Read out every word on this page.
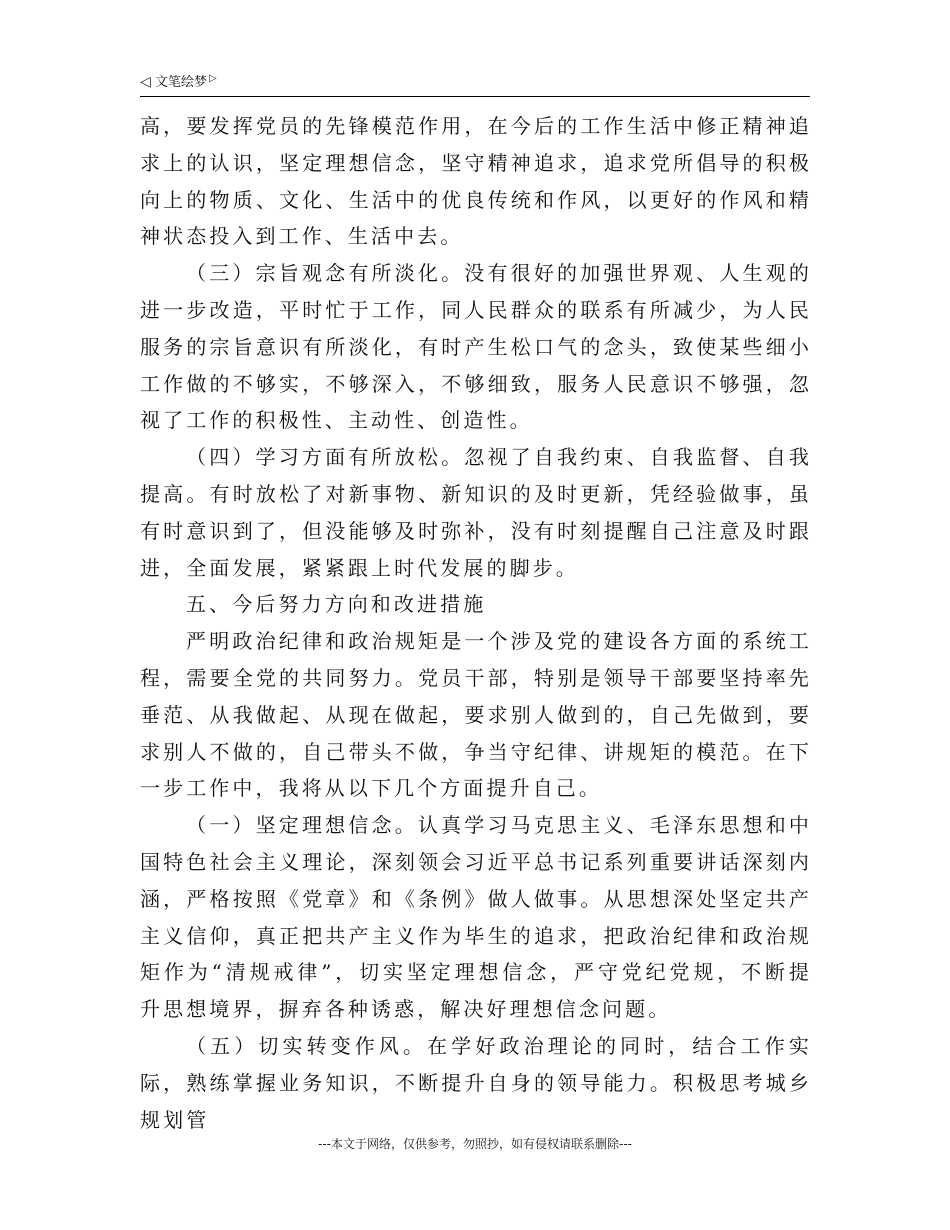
◁ 文笔绘梦 ▷

高，要发挥党员的先锋模范作用，在今后的工作生活中修正精神追求上的认识，坚定理想信念，坚守精神追求，追求党所倡导的积极向上的物质、文化、生活中的优良传统和作风，以更好的作风和精神状态投入到工作、生活中去。

（三）宗旨观念有所淡化。没有很好的加强世界观、人生观的进一步改造，平时忙于工作，同人民群众的联系有所减少，为人民服务的宗旨意识有所淡化，有时产生松口气的念头，致使某些细小工作做的不够实，不够深入，不够细致，服务人民意识不够强，忽视了工作的积极性、主动性、创造性。

（四）学习方面有所放松。忽视了自我约束、自我监督、自我提高。有时放松了对新事物、新知识的及时更新，凭经验做事，虽有时意识到了，但没能够及时弥补，没有时刻提醒自己注意及时跟进，全面发展，紧紧跟上时代发展的脚步。

五、今后努力方向和改进措施

严明政治纪律和政治规矩是一个涉及党的建设各方面的系统工程，需要全党的共同努力。党员干部，特别是领导干部要坚持率先垂范、从我做起、从现在做起，要求别人做到的，自己先做到，要求别人不做的，自己带头不做，争当守纪律、讲规矩的模范。在下一步工作中，我将从以下几个方面提升自己。

（一）坚定理想信念。认真学习马克思主义、毛泽东思想和中国特色社会主义理论，深刻领会习近平总书记系列重要讲话深刻内涵，严格按照《党章》和《条例》做人做事。从思想深处坚定共产主义信仰，真正把共产主义作为毕生的追求，把政治纪律和政治规矩作为“清规戒律”，切实坚定理想信念，严守党纪党规，不断提升思想境界，摒弃各种诱惑，解决好理想信念问题。

（五）切实转变作风。在学好政治理论的同时，结合工作实际，熟练掌握业务知识，不断提升自身的领导能力。积极思考城乡规划管

---本文于网络，仅供参考，勿照抄，如有侵权请联系删除---
